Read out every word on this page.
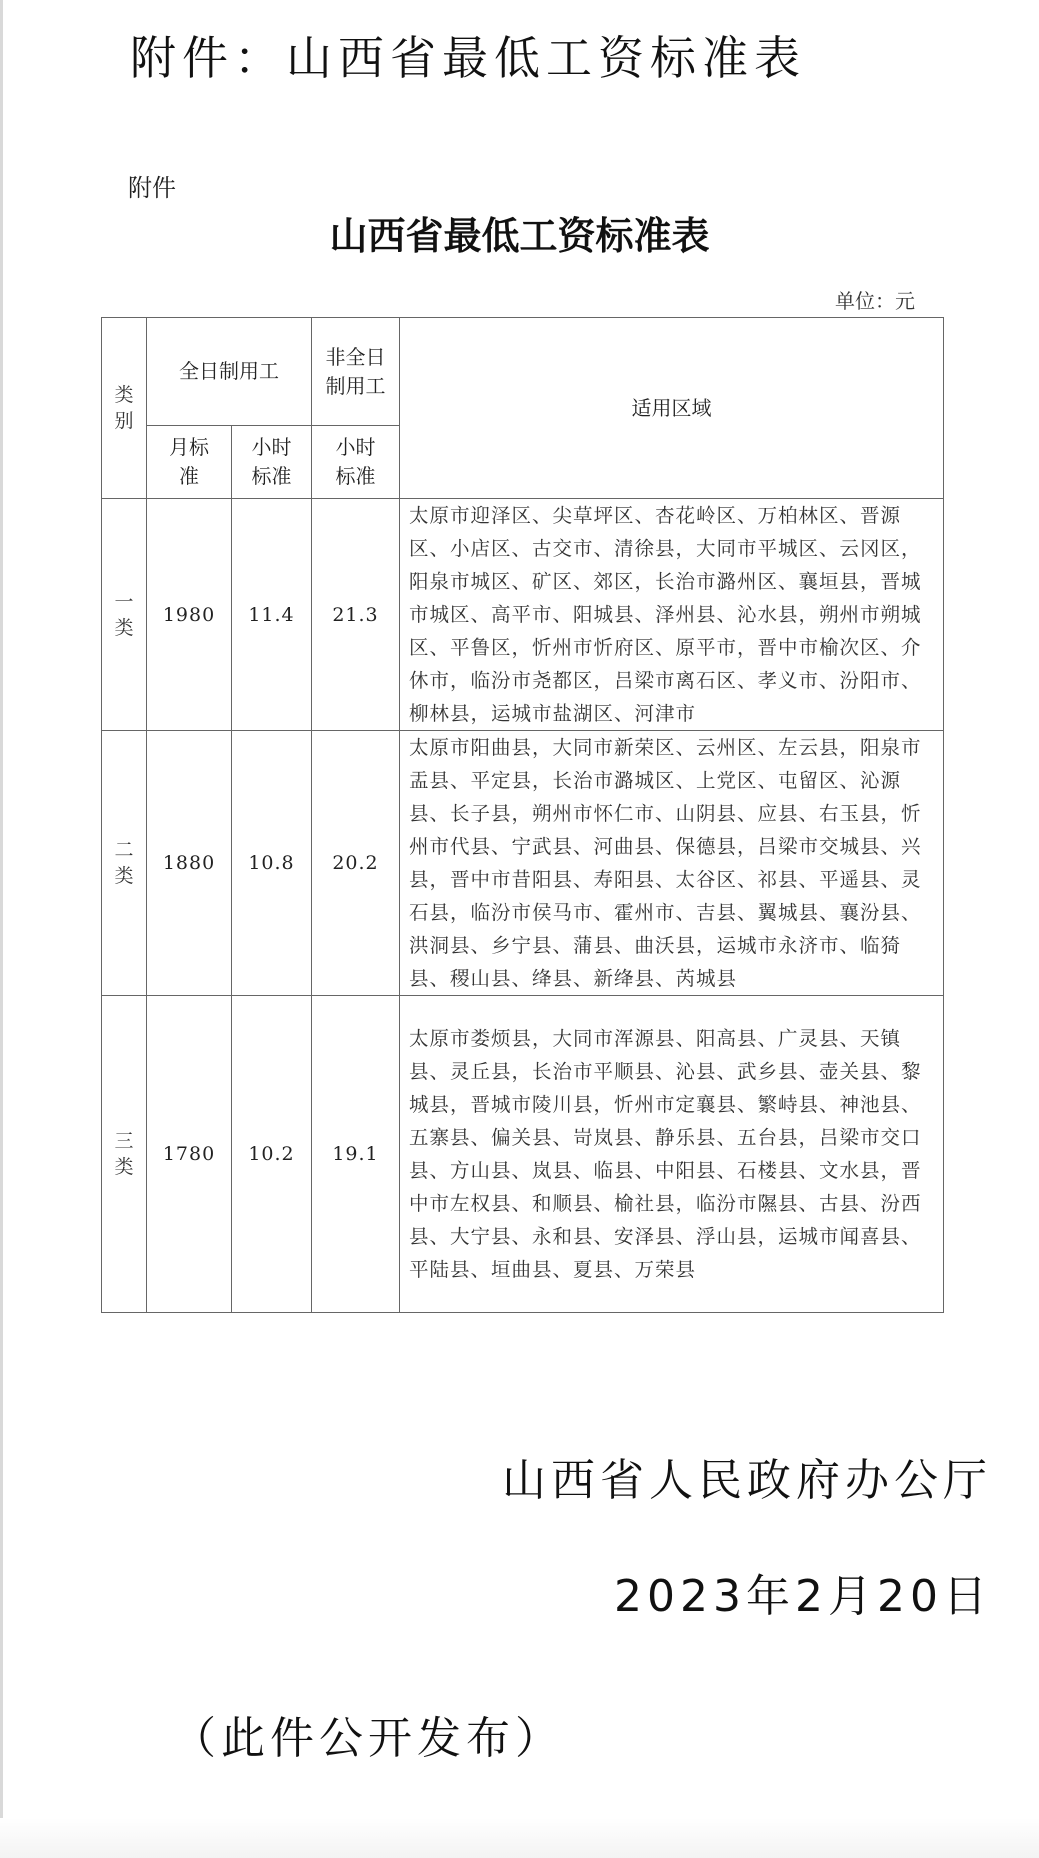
附件：山西省最低工资标准表
附件
山西省最低工资标准表
单位：元
类别	全日制用工		非全日制用工	适用区域

	月标准	小时标准	小时标准	

一类	1980	11.4	21.3	太原市迎泽区、尖草坪区、杏花岭区、万柏林区、晋源区、小店区、古交市、清徐县，大同市平城区、云冈区，阳泉市城区、矿区、郊区，长治市潞州区、襄垣县，晋城市城区、高平市、阳城县、泽州县、沁水县，朔州市朔城区、平鲁区，忻州市忻府区、原平市，晋中市榆次区、介休市，临汾市尧都区，吕梁市离石区、孝义市、汾阳市、柳林县，运城市盐湖区、河津市

二类	1880	10.8	20.2	太原市阳曲县，大同市新荣区、云州区、左云县，阳泉市盂县、平定县，长治市潞城区、上党区、屯留区、沁源县、长子县，朔州市怀仁市、山阴县、应县、右玉县，忻州市代县、宁武县、河曲县、保德县，吕梁市交城县、兴县，晋中市昔阳县、寿阳县、太谷区、祁县、平遥县、灵石县，临汾市侯马市、霍州市、吉县、翼城县、襄汾县、洪洞县、乡宁县、蒲县、曲沃县，运城市永济市、临猗县、稷山县、绛县、新绛县、芮城县

三类	1780	10.2	19.1	太原市娄烦县，大同市浑源县、阳高县、广灵县、天镇县、灵丘县，长治市平顺县、沁县、武乡县、壶关县、黎城县，晋城市陵川县，忻州市定襄县、繁峙县、神池县、五寨县、偏关县、岢岚县、静乐县、五台县，吕梁市交口县、方山县、岚县、临县、中阳县、石楼县、文水县，晋中市左权县、和顺县、榆社县，临汾市隰县、古县、汾西县、大宁县、永和县、安泽县、浮山县，运城市闻喜县、平陆县、垣曲县、夏县、万荣县
山西省人民政府办公厅
2023年2月20日
（此件公开发布）
